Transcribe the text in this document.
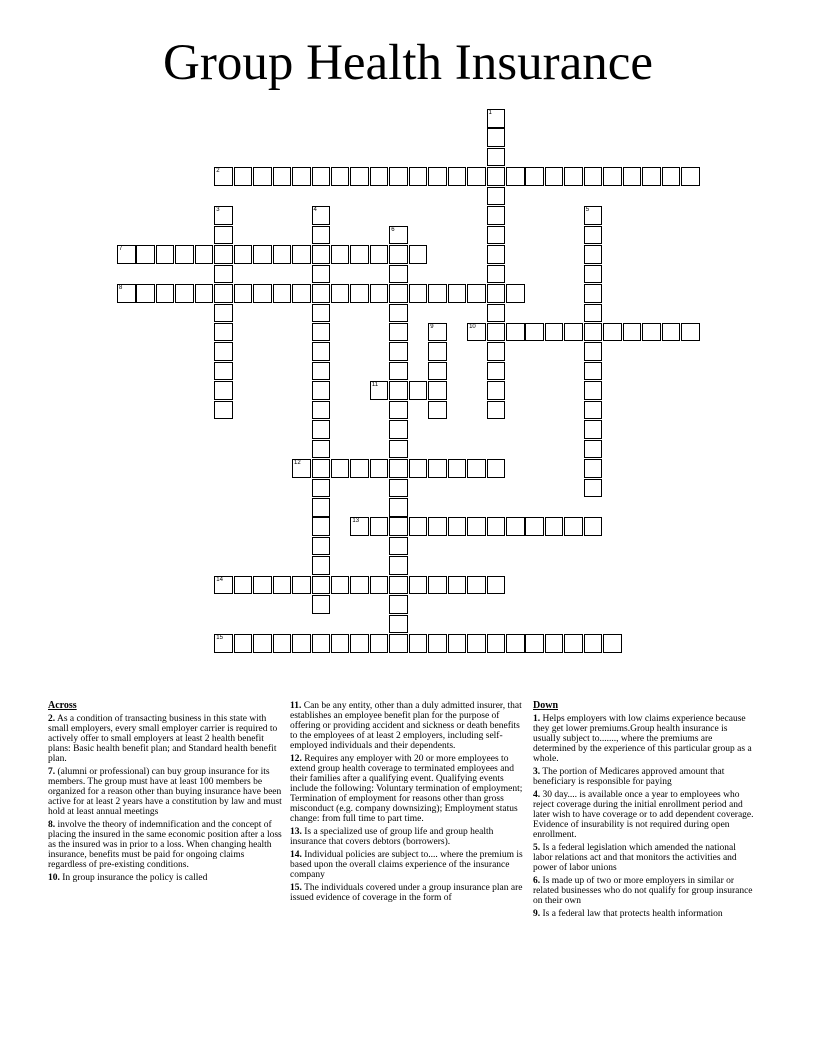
Group Health Insurance
1
2
3	4	5
6
7
8
9	10
11
12
13
14
15
Across
2. As a condition of transacting business in this state with small employers, every small employer carrier is required to actively offer to small employers at least 2 health benefit plans: Basic health benefit plan; and Standard health benefit plan.
7. (alumni or professional) can buy group insurance for its members. The group must have at least 100 members be organized for a reason other than buying insurance have been active for at least 2 years have a constitution by law and must hold at least annual meetings
8. involve the theory of indemnification and the concept of placing the insured in the same economic position after a loss as the insured was in prior to a loss. When changing health insurance, benefits must be paid for ongoing claims regardless of pre-existing conditions.
10. In group insurance the policy is called
11. Can be any entity, other than a duly admitted insurer, that establishes an employee benefit plan for the purpose of offering or providing accident and sickness or death benefits to the employees of at least 2 employers, including self-employed individuals and their dependents.
12. Requires any employer with 20 or more employees to extend group health coverage to terminated employees and their families after a qualifying event. Qualifying events include the following: Voluntary termination of employment; Termination of employment for reasons other than gross misconduct (e.g. company downsizing); Employment status change: from full time to part time.
13. Is a specialized use of group life and group health insurance that covers debtors (borrowers).
14. Individual policies are subject to.... where the premium is based upon the overall claims experience of the insurance company
15. The individuals covered under a group insurance plan are issued evidence of coverage in the form of
Down
1. Helps employers with low claims experience because they get lower premiums.Group health insurance is usually subject to......., where the premiums are determined by the experience of this particular group as a whole.
3. The portion of Medicares approved amount that beneficiary is responsible for paying
4. 30 day.... is available once a year to employees who reject coverage during the initial enrollment period and later wish to have coverage or to add dependent coverage. Evidence of insurability is not required during open enrollment.
5. Is a federal legislation which amended the national labor relations act and that monitors the activities and power of labor unions
6. Is made up of two or more employers in similar or related businesses who do not qualify for group insurance on their own
9. Is a federal law that protects health information
